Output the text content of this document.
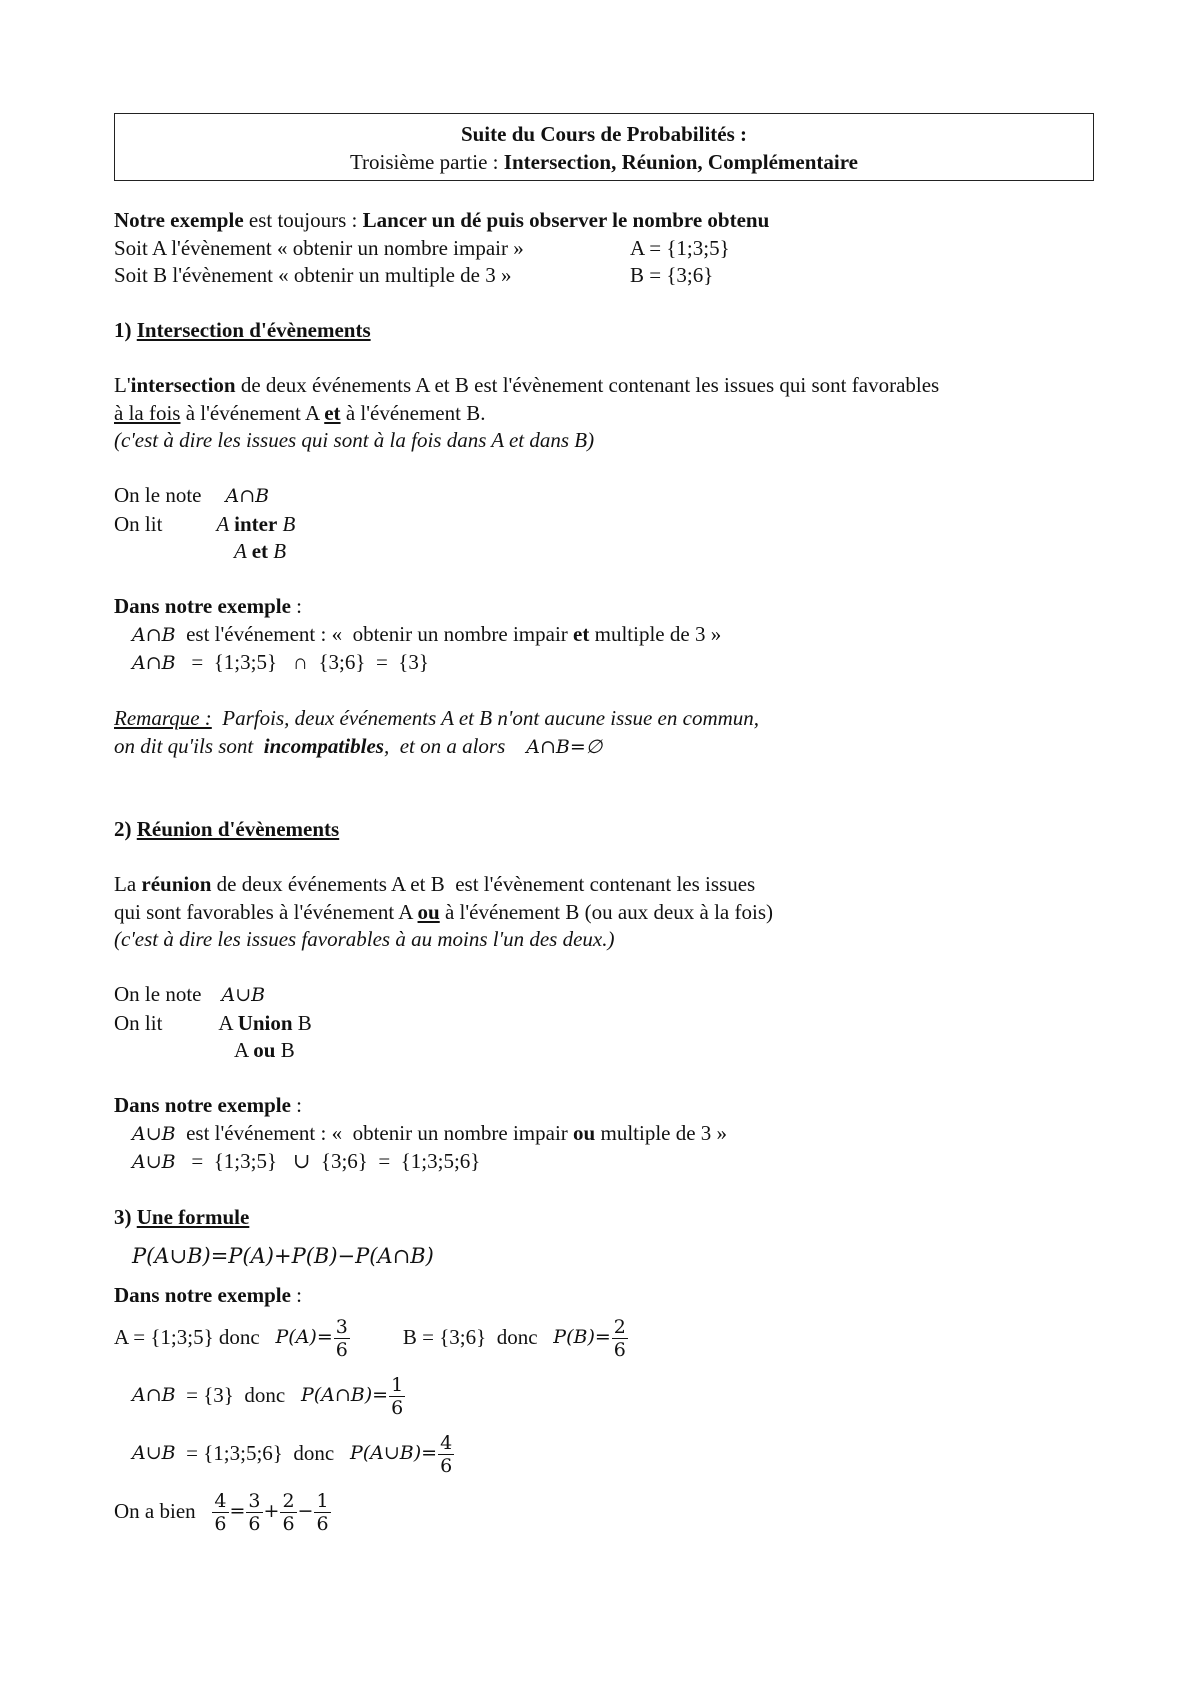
Suite du Cours de Probabilités :
Troisième partie : Intersection, Réunion, Complémentaire
Notre exemple est toujours : Lancer un dé puis observer le nombre obtenu
Soit A l'évènement « obtenir un nombre impair »	A = {1;3;5}
Soit B l'évènement « obtenir un multiple de 3 »	B = {3;6}
1) Intersection d'évènements
L'intersection de deux événements A et B est l'évènement contenant les issues qui sont favorables
à la fois à l'événement A et à l'événement B.
(c'est à dire les issues qui sont à la fois dans A et dans B)
On le note A∩B
On lit	A inter B
A et B
Dans notre exemple :
A∩B  est l'événement : «  obtenir un nombre impair et multiple de 3 »
A∩B   =  {1;3;5}   ∩  {3;6}  =  {3}
Remarque :  Parfois, deux événements A et B n'ont aucune issue en commun,
on dit qu'ils sont  incompatibles,  et on a alors    A∩B=∅
2) Réunion d'évènements
La réunion de deux événements A et B  est l'évènement contenant les issues
qui sont favorables à l'événement A ou à l'événement B (ou aux deux à la fois)
(c'est à dire les issues favorables à au moins l'un des deux.)
On le note A∪B
On lit	A Union B
A ou B
Dans notre exemple :
A∪B  est l'événement : «  obtenir un nombre impair ou multiple de 3 »
A∪B   =  {1;3;5}   ∪  {3;6}  =  {1;3;5;6}
3) Une formule
P(A∪B)=P(A)+P(B)−P(A∩B)
Dans notre exemple :
A = {1;3;5} donc $P(A)= \frac{3}{6}$	B = {3;6}  donc $P(B)= \frac{2}{6}$
A∩B = {3}  donc P(A∩B)= $\frac{1}{6}$
A∪B = {1;3;5;6}  donc P(A∪B)= $\frac{4}{6}$
On a bien $\frac{4}{6} = \frac{3}{6} + \frac{2}{6} - \frac{1}{6}$
